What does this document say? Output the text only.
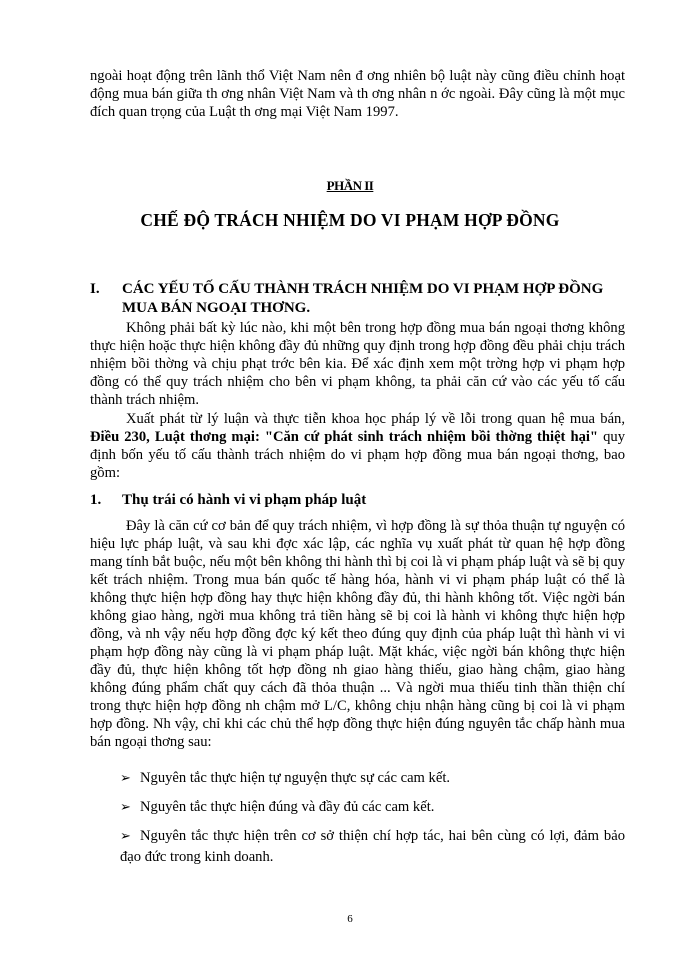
ngoài hoạt động trên lãnh thổ Việt Nam nên đ ơng nhiên bộ luật này cũng điều chỉnh hoạt động mua bán giữa th ơng nhân Việt Nam và th ơng nhân n ớc ngoài. Đây cũng là một mục đích quan trọng của Luật th ơng mại Việt Nam 1997.

PHẦN II
CHẾ ĐỘ TRÁCH NHIỆM DO VI PHẠM HỢP ĐỒNG
I. CÁC YẾU TỐ CẤU THÀNH TRÁCH NHIỆM DO VI PHẠM HỢP ĐỒNG MUA BÁN NGOẠI THƠNG.

Không phải bất kỳ lúc nào, khi một bên trong hợp đồng mua bán ngoại thơng không thực hiện hoặc thực hiện không đầy đủ những quy định trong hợp đồng đều phải chịu trách nhiệm bồi thờng và chịu phạt trớc bên kia. Để xác định xem một trờng hợp vi phạm hợp đồng có thể quy trách nhiệm cho bên vi phạm không, ta phải căn cứ vào các yếu tố cấu thành trách nhiệm.

Xuất phát từ lý luận và thực tiễn khoa học pháp lý về lỗi trong quan hệ mua bán, Điều 230, Luật thơng mại: "Căn cứ phát sinh trách nhiệm bồi thờng thiệt hại" quy định bốn yếu tố cấu thành trách nhiệm do vi phạm hợp đồng mua bán ngoại thơng, bao gồm:

1. Thụ trái có hành vi vi phạm pháp luật

Đây là căn cứ cơ bản để quy trách nhiệm, vì hợp đồng là sự thỏa thuận tự nguyện có hiệu lực pháp luật, và sau khi đợc xác lập, các nghĩa vụ xuất phát từ quan hệ hợp đồng mang tính bắt buộc, nếu một bên không thi hành thì bị coi là vi phạm pháp luật và sẽ bị quy kết trách nhiệm. Trong mua bán quốc tế hàng hóa, hành vi vi phạm pháp luật có thể là không thực hiện hợp đồng hay thực hiện không đầy đủ, thi hành không tốt. Việc ngời bán không giao hàng, ngời mua không trả tiền hàng sẽ bị coi là hành vi không thực hiện hợp đồng, và nh vậy nếu hợp đồng đợc ký kết theo đúng quy định của pháp luật thì hành vi vi phạm hợp đồng này cũng là vi phạm pháp luật. Mặt khác, việc ngời bán không thực hiện đầy đủ, thực hiện không tốt hợp đồng nh giao hàng thiếu, giao hàng chậm, giao hàng không đúng phẩm chất quy cách đã thỏa thuận ... Và ngời mua thiếu tinh thần thiện chí trong thực hiện hợp đồng nh chậm mở L/C, không chịu nhận hàng cũng bị coi là vi phạm hợp đồng. Nh vậy, chỉ khi các chủ thể hợp đồng thực hiện đúng nguyên tắc chấp hành mua bán ngoại thơng sau:

➢ Nguyên tắc thực hiện tự nguyện thực sự các cam kết.
➢ Nguyên tắc thực hiện đúng và đầy đủ các cam kết.
➢ Nguyên tắc thực hiện trên cơ sở thiện chí hợp tác, hai bên cùng có lợi, đảm bảo đạo đức trong kinh doanh.
6
